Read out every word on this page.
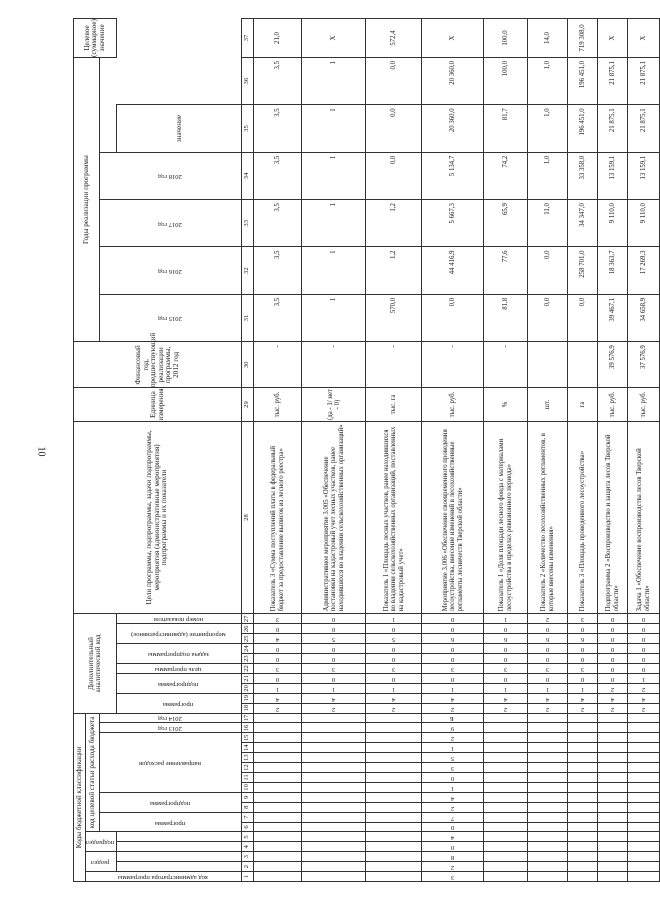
10
Коды бюджетной классификации																	Дополнительный аналитический код										Цели программы, подпрограммы, задачи подпрограммы, мероприятия (административные мероприятия) подпрограммы и их показатели	Единица измерения	Финансовый год, предшествующий реализации программы, 2012 год	Годы реализации программы						Целевое (суммарное) значение
код администратора программы	раздел		подраздел		код целевой статьи расхода бюджета																															
					программа		подпрограмма		направление расходов						2013 год	2014 год														2015 год	2016 год	2017 год	2018 год			
																	программа		подпрограмма		цель программы	задача подпрограммы		мероприятие (административное)		номер показателя								значение		
1	2	3	4	5	6	7	8	9	10	11	12	13	14	15	16	17	18	19	20	21	22	23	24	25	26	27	28	29	30	31	32	33	34	35	36	37
																	2	4	1	0	3	0	0	4	0	3	Показатель 3 «Сумма поступлений платы в федеральный бюджет за предоставление выписок из лесного реестра»	тыс. руб.	-	3,5	3,5	3,5	3,5	3,5	3,5	21,0
																	2	4	1	0	3	0	0	5	0	0	Административное мероприятие 3.005 «Обеспечение постановки на кадастровый учет лесных участков, ранее находившихся во владении сельскохозяйственных организаций»	(да - 1/ нет - 0)	-	1	1	1	1	1	1	X
																	2	4	1	0	3	0	0	5	0	1	Показатель 1 «Площадь лесных участков, ранее находившихся во владении сельскохозяйственных организаций, поставленных на кадастровый учет»	тыс. га	-	570,0	1,2	1,2	0,0	0,0	0,0	572,4
3	2	8	0	4	0	7	2	4	1	0	3	5	1	2	9	Б	2	4	1	0	3	0	0	6	0	0	Мероприятие 3.006 «Обеспечение своевременного проведения лесоустройства, внесение изменений в лесохозяйственные регламенты лесничеств Тверской области»	тыс. руб.	-	0,0	44 416,9	5 667,3	5 134,7	20 360,0	20 360,0	X
																	2	4	1	0	3	0	0	6	0	1	Показатель 1 «Доля площади лесного фонда с материалами лесоустройства в пределах ревизионного периода»	%	-	81,8	77,6	65,9	74,2	81,7	100,0	100,0
																	2	4	1	0	3	0	0	6	0	2	Показатель 2 «Количество лесохозяйственных регламентов, в которые внесены изменения»	шт.		0,0	0,0	11,0	1,0	1,0	1,0	14,0
																	2	4	1	0	3	0	0	6	0	3	Показатель 3 «Площадь проведенного лесоустройства»	га		0,0	258 701,0	34 347,0	33 358,0	196 451,0	196 451,0	719 308,0
																	2	4	2	0	0	0	0	0	0	0	Подпрограмма 2 «Воспроизводство и защита лесов Тверской области»	тыс. руб.	39 576,9	39 467,1	18 363,7	9 110,0	13 159,1	21 875,1	21 875,1	X
																	2	4	2	1	0	0	0	0	0	0	Задача 1 «Обеспечение воспроизводства лесов Тверской области»	тыс. руб.	37 576,9	34 658,9	17 269,3	9 110,0	13 159,1	21 875,1	21 875,1	X
